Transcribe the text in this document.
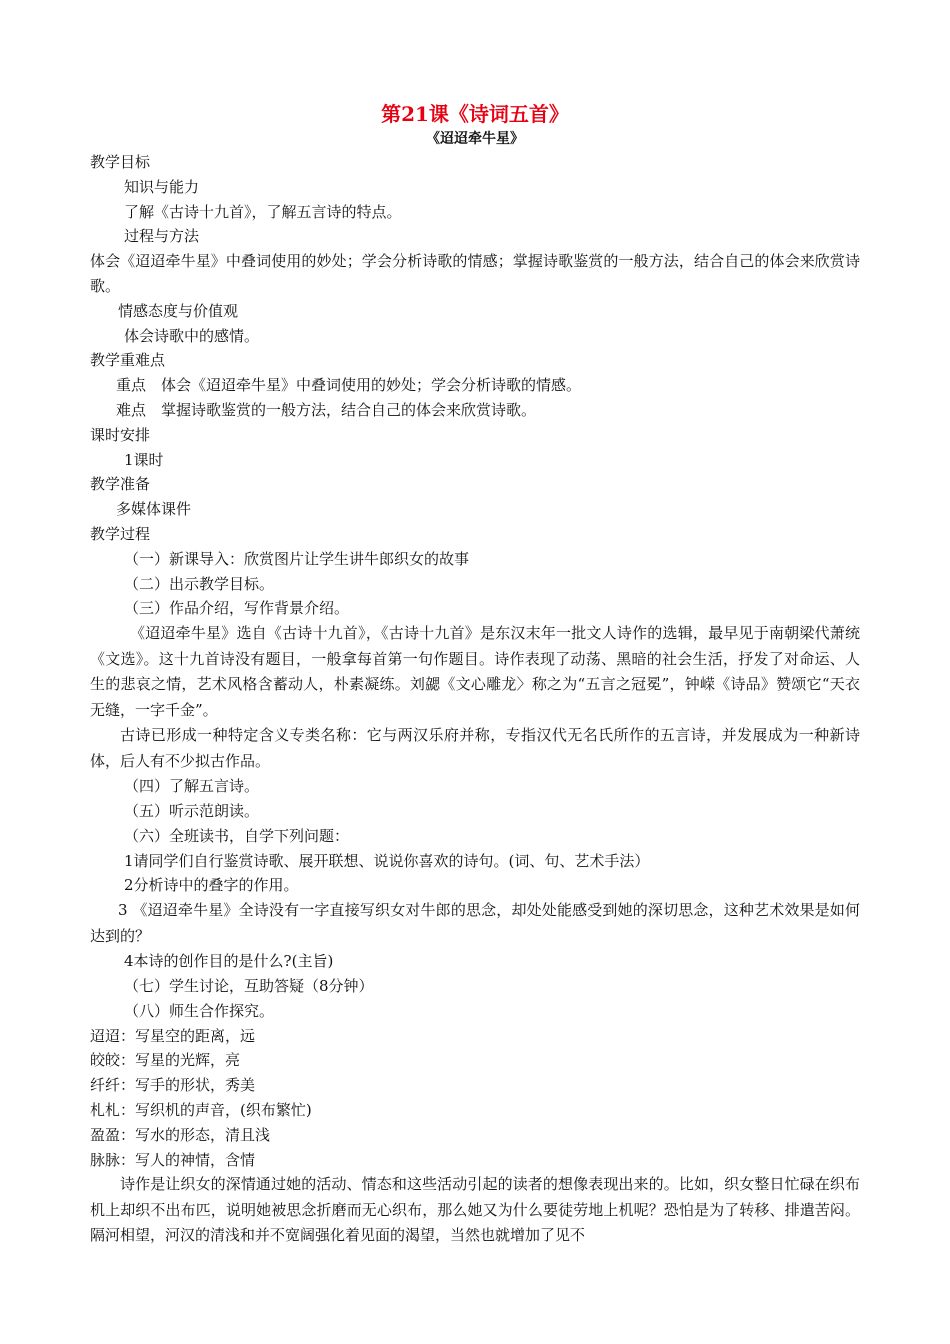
第21课《诗词五首》

《迢迢牵牛星》

教学目标

知识与能力

了解《古诗十九首》，了解五言诗的特点。

过程与方法

体会《迢迢牵牛星》中叠词使用的妙处；学会分析诗歌的情感；掌握诗歌鉴赏的一般方法，结合自己的体会来欣赏诗歌。

情感态度与价值观

体会诗歌中的感情。

教学重难点

重点　体会《迢迢牵牛星》中叠词使用的妙处；学会分析诗歌的情感。

难点　掌握诗歌鉴赏的一般方法，结合自己的体会来欣赏诗歌。

课时安排

1课时

教学准备

多媒体课件

教学过程

（一）新课导入：欣赏图片让学生讲牛郎织女的故事

（二）出示教学目标。

（三）作品介绍，写作背景介绍。

《迢迢牵牛星》选自《古诗十九首》，《古诗十九首》是东汉末年一批文人诗作的选辑，最早见于南朝梁代萧统《文选》。这十九首诗没有题目，一般拿每首第一句作题目。诗作表现了动荡、黑暗的社会生活，抒发了对命运、人生的悲哀之情，艺术风格含蓄动人，朴素凝练。刘勰《文心雕龙〉称之为“五言之冠冕”，钟嵘《诗品》赞颂它“天衣无缝，一字千金”。

古诗已形成一种特定含义专类名称：它与两汉乐府并称，专指汉代无名氏所作的五言诗，并发展成为一种新诗体，后人有不少拟古作品。

（四）了解五言诗。

（五）听示范朗读。

（六）全班读书，自学下列问题：

1请同学们自行鉴赏诗歌、展开联想、说说你喜欢的诗句。(词、句、艺术手法）

2分析诗中的叠字的作用。

3 《迢迢牵牛星》全诗没有一字直接写织女对牛郎的思念，却处处能感受到她的深切思念，这种艺术效果是如何达到的？

4本诗的创作目的是什么?(主旨)

（七）学生讨论，互助答疑（8分钟）

（八）师生合作探究。

迢迢：写星空的距离，远

皎皎：写星的光辉，亮

纤纤：写手的形状，秀美

札札：写织机的声音，(织布繁忙)

盈盈：写水的形态，清且浅

脉脉：写人的神情，含情

诗作是让织女的深情通过她的活动、情态和这些活动引起的读者的想像表现出来的。比如，织女整日忙碌在织布机上却织不出布匹，说明她被思念折磨而无心织布，那么她又为什么要徒劳地上机呢？恐怕是为了转移、排遣苦闷。隔河相望，河汉的清浅和并不宽阔强化着见面的渴望，当然也就增加了见不
